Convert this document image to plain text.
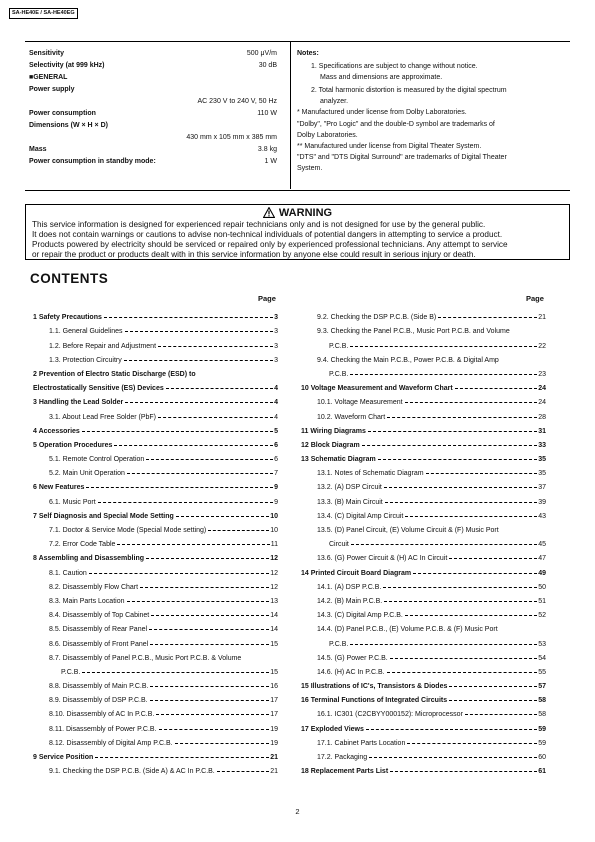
SA-HE40E / SA-HE40EG
Sensitivity	500 μV/m
Selectivity (at 999 kHz)	30 dB
■GENERAL
Power supply
AC 230 V to 240 V, 50 Hz
Power consumption	110 W
Dimensions (W × H × D)
430 mm x 105 mm x 385 mm
Mass	3.8 kg
Power consumption in standby mode:	1 W

Notes:

1. Specifications are subject to change without notice.

Mass and dimensions are approximate.

2. Total harmonic distortion is measured by the digital spectrum

analyzer.

* Manufactured under license from Dolby Laboratories.

"Dolby", "Pro Logic" and the double-D symbol are trademarks of

Dolby Laboratories.

** Manufactured under license from Digital Theater System.

"DTS" and "DTS Digital Surround" are trademarks of Digital Theater

System.

WARNING
This service information is designed for experienced repair technicians only and is not designed for use by the general public.
It does not contain warnings or cautions to advise non-technical individuals of potential dangers in attempting to service a product.
Products powered by electricity should be serviced or repaired only by experienced professional technicians. Any attempt to service
or repair the product or products dealt with in this service information by anyone else could result in serious injury or death.
CONTENTS
Page	Page
1 Safety Precautions	3
1.1. General Guidelines	3
1.2. Before Repair and Adjustment	3
1.3. Protection Circuitry	3
2 Prevention of Electro Static Discharge (ESD) to
Electrostatically Sensitive (ES) Devices	4
3 Handling the Lead Solder	4
3.1. About Lead Free Solder (PbF)	4
4 Accessories	5
5 Operation Procedures	6
5.1. Remote Control Operation	6
5.2. Main Unit Operation	7
6 New Features	9
6.1. Music Port	9
7 Self Diagnosis and Special Mode Setting	10
7.1. Doctor & Service Mode (Special Mode setting)	10
7.2. Error Code Table	11
8 Assembling and Disassembling	12
8.1. Caution	12
8.2. Disassembly Flow Chart	12
8.3. Main Parts Location	13
8.4. Disassembly of Top Cabinet	14
8.5. Disassembly of Rear Panel	14
8.6. Disassembly of Front Panel	15
8.7. Disassembly of Panel P.C.B., Music Port P.C.B. & Volume
P.C.B.	15
8.8. Disassembly of Main P.C.B.	16
8.9. Disassembly of DSP P.C.B.	17
8.10. Disassembly of AC In P.C.B.	17
8.11. Disassembly of Power P.C.B.	19
8.12. Disassembly of Digital Amp P.C.B.	19
9 Service Position	21
9.1. Checking the DSP P.C.B. (Side A) & AC In P.C.B.	21
9.2. Checking the DSP P.C.B. (Side B)	21
9.3. Checking the Panel P.C.B., Music Port P.C.B. and Volume
P.C.B.	22
9.4. Checking the Main P.C.B., Power P.C.B. & Digital Amp
P.C.B.	23
10 Voltage Measurement and Waveform Chart	24
10.1. Voltage Measurement	24
10.2. Waveform Chart	28
11 Wiring Diagrams	31
12 Block Diagram	33
13 Schematic Diagram	35
13.1. Notes of Schematic Diagram	35
13.2. (A) DSP Circuit	37
13.3. (B) Main Circuit	39
13.4. (C) Digital Amp Circuit	43
13.5. (D) Panel Circuit, (E) Volume Circuit & (F) Music Port
Circuit	45
13.6. (G) Power Circuit & (H) AC In Circuit	47
14 Printed Circuit Board Diagram	49
14.1. (A) DSP P.C.B.	50
14.2. (B) Main P.C.B.	51
14.3. (C) Digital Amp P.C.B.	52
14.4. (D) Panel P.C.B., (E) Volume P.C.B. & (F) Music Port
P.C.B.	53
14.5. (G) Power P.C.B.	54
14.6. (H) AC In P.C.B.	55
15 Illustrations of IC's, Transistors & Diodes	57
16 Terminal Functions of Integrated Circuits	58
16.1. IC301 (C2CBYY000152): Microprocessor	58
17 Exploded Views	59
17.1. Cabinet Parts Location	59
17.2. Packaging	60
18 Replacement Parts List	61
2
